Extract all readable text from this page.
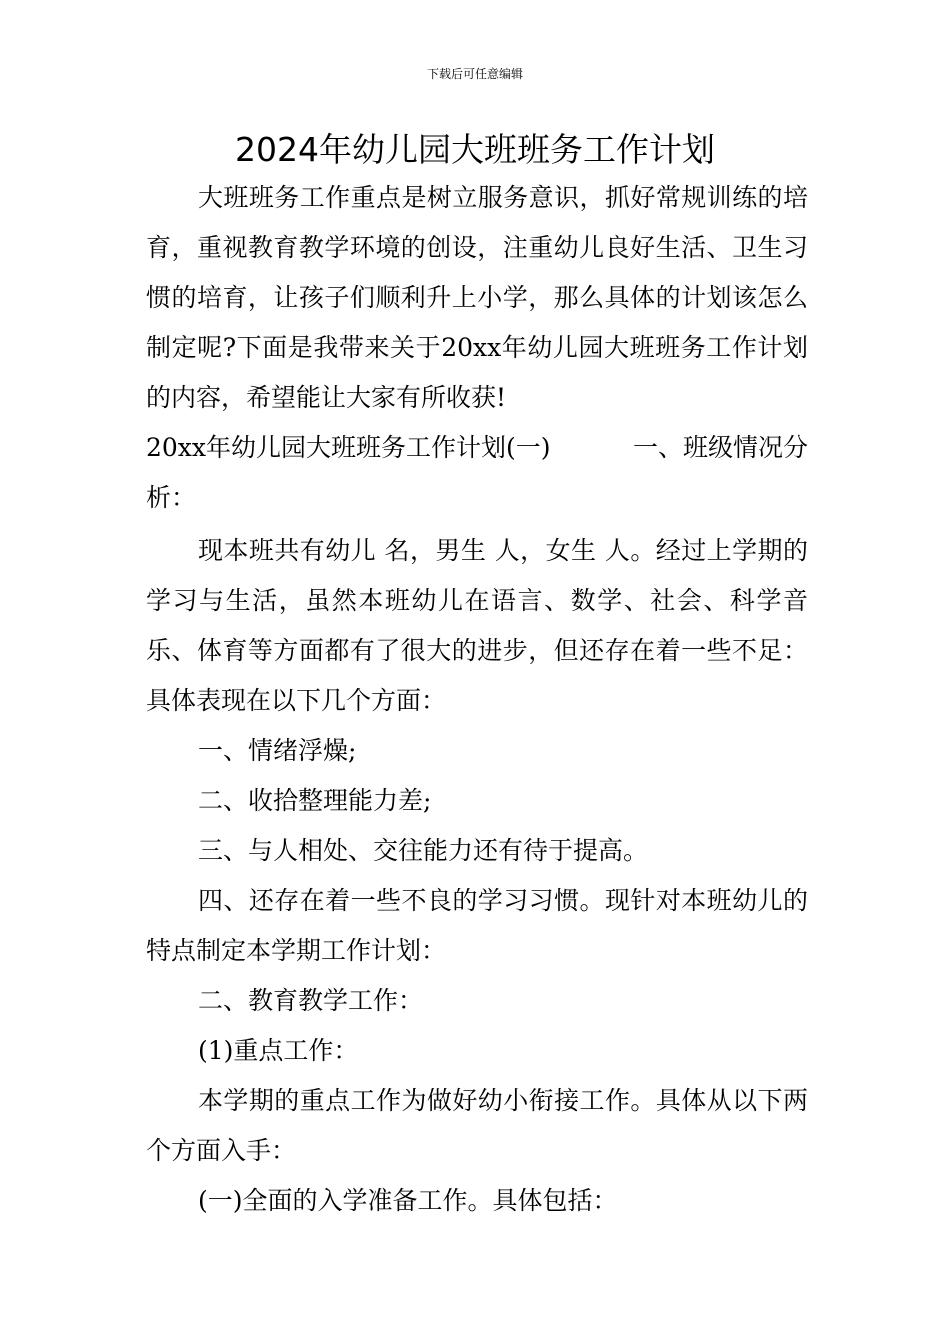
下载后可任意编辑
2024年幼儿园大班班务工作计划

大班班务工作重点是树立服务意识，抓好常规训练的培育，重视教育教学环境的创设，注重幼儿良好生活、卫生习惯的培育，让孩子们顺利升上小学，那么具体的计划该怎么制定呢?下面是我带来关于20xx年幼儿园大班班务工作计划的内容，希望能让大家有所收获!

20xx年幼儿园大班班务工作计划(一)	一、班级情况分

析：

现本班共有幼儿 名，男生 人，女生 人。经过上学期的学习与生活，虽然本班幼儿在语言、数学、社会、科学音乐、体育等方面都有了很大的进步，但还存在着一些不足：具体表现在以下几个方面：

一、情绪浮燥;

二、收拾整理能力差;

三、与人相处、交往能力还有待于提高。

四、还存在着一些不良的学习习惯。现针对本班幼儿的特点制定本学期工作计划：

二、教育教学工作：

(1)重点工作：

本学期的重点工作为做好幼小衔接工作。具体从以下两个方面入手：

(一)全面的入学准备工作。具体包括：
